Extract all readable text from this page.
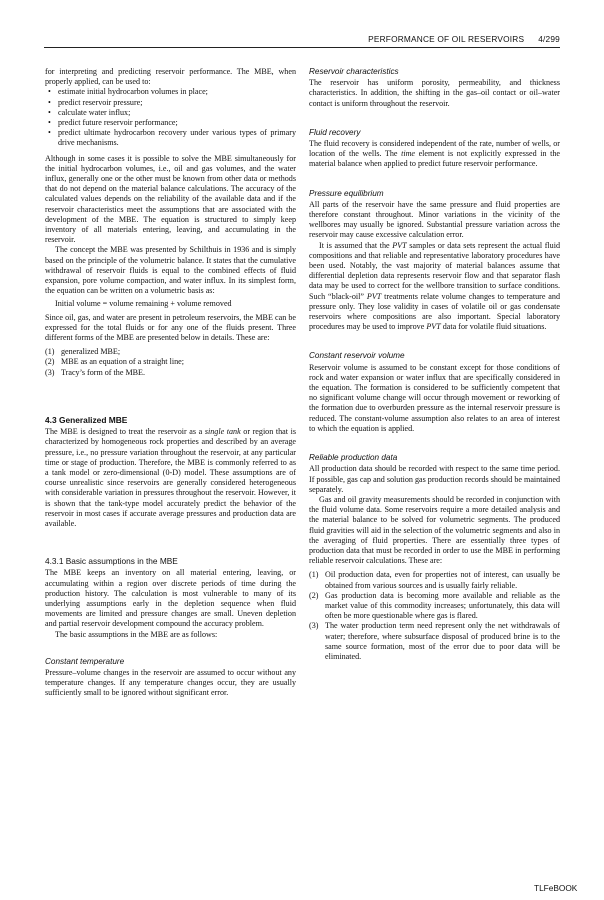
PERFORMANCE OF OIL RESERVOIRS 4/299

for interpreting and predicting reservoir performance. The MBE, when properly applied, can be used to:

• estimate initial hydrocarbon volumes in place;
• predict reservoir pressure;
• calculate water influx;
• predict future reservoir performance;
• predict ultimate hydrocarbon recovery under various types of primary drive mechanisms.

Although in some cases it is possible to solve the MBE simultaneously for the initial hydrocarbon volumes, i.e., oil and gas volumes, and the water influx, generally one or the other must be known from other data or methods that do not depend on the material balance calculations. The accuracy of the calculated values depends on the reliability of the available data and if the reservoir characteristics meet the assumptions that are associated with the development of the MBE. The equation is structured to simply keep inventory of all materials entering, leaving, and accumulating in the reservoir.

The concept the MBE was presented by Schilthuis in 1936 and is simply based on the principle of the volumetric balance. It states that the cumulative withdrawal of reservoir fluids is equal to the combined effects of fluid expansion, pore volume compaction, and water influx. In its simplest form, the equation can be written on a volumetric basis as:

Initial volume = volume remaining + volume removed

Since oil, gas, and water are present in petroleum reservoirs, the MBE can be expressed for the total fluids or for any one of the fluids present. Three different forms of the MBE are presented below in details. These are:

(1) generalized MBE;
(2) MBE as an equation of a straight line;
(3) Tracy’s form of the MBE.
4.3 Generalized MBE

The MBE is designed to treat the reservoir as a single tank or region that is characterized by homogeneous rock properties and described by an average pressure, i.e., no pressure variation throughout the reservoir, at any particular time or stage of production. Therefore, the MBE is commonly referred to as a tank model or zero-dimensional (0-D) model. These assumptions are of course unrealistic since reservoirs are generally considered heterogeneous with considerable variation in pressures throughout the reservoir. However, it is shown that the tank-type model accurately predict the behavior of the reservoir in most cases if accurate average pressures and production data are available.

4.3.1 Basic assumptions in the MBE

The MBE keeps an inventory on all material entering, leaving, or accumulating within a region over discrete periods of time during the production history. The calculation is most vulnerable to many of its underlying assumptions early in the depletion sequence when fluid movements are limited and pressure changes are small. Uneven depletion and partial reservoir development compound the accuracy problem.

The basic assumptions in the MBE are as follows:

Constant temperature

Pressure–volume changes in the reservoir are assumed to occur without any temperature changes. If any temperature changes occur, they are usually sufficiently small to be ignored without significant error.

Reservoir characteristics

The reservoir has uniform porosity, permeability, and thickness characteristics. In addition, the shifting in the gas–oil contact or oil–water contact is uniform throughout the reservoir.

Fluid recovery

The fluid recovery is considered independent of the rate, number of wells, or location of the wells. The time element is not explicitly expressed in the material balance when applied to predict future reservoir performance.

Pressure equilibrium

All parts of the reservoir have the same pressure and fluid properties are therefore constant throughout. Minor variations in the vicinity of the wellbores may usually be ignored. Substantial pressure variation across the reservoir may cause excessive calculation error.

It is assumed that the PVT samples or data sets represent the actual fluid compositions and that reliable and representative laboratory procedures have been used. Notably, the vast majority of material balances assume that differential depletion data represents reservoir flow and that separator flash data may be used to correct for the wellbore transition to surface conditions. Such “black-oil” PVT treatments relate volume changes to temperature and pressure only. They lose validity in cases of volatile oil or gas condensate reservoirs where compositions are also important. Special laboratory procedures may be used to improve PVT data for volatile fluid situations.

Constant reservoir volume

Reservoir volume is assumed to be constant except for those conditions of rock and water expansion or water influx that are specifically considered in the equation. The formation is considered to be sufficiently competent that no significant volume change will occur through movement or reworking of the formation due to overburden pressure as the internal reservoir pressure is reduced. The constant-volume assumption also relates to an area of interest to which the equation is applied.

Reliable production data

All production data should be recorded with respect to the same time period. If possible, gas cap and solution gas production records should be maintained separately.

Gas and oil gravity measurements should be recorded in conjunction with the fluid volume data. Some reservoirs require a more detailed analysis and the material balance to be solved for volumetric segments. The produced fluid gravities will aid in the selection of the volumetric segments and also in the averaging of fluid properties. There are essentially three types of production data that must be recorded in order to use the MBE in performing reliable reservoir calculations. These are:

(1) Oil production data, even for properties not of interest, can usually be obtained from various sources and is usually fairly reliable.
(2) Gas production data is becoming more available and reliable as the market value of this commodity increases; unfortunately, this data will often be more questionable where gas is flared.
(3) The water production term need represent only the net withdrawals of water; therefore, where subsurface disposal of produced brine is to the same source formation, most of the error due to poor data will be eliminated.
TLFeBOOK
